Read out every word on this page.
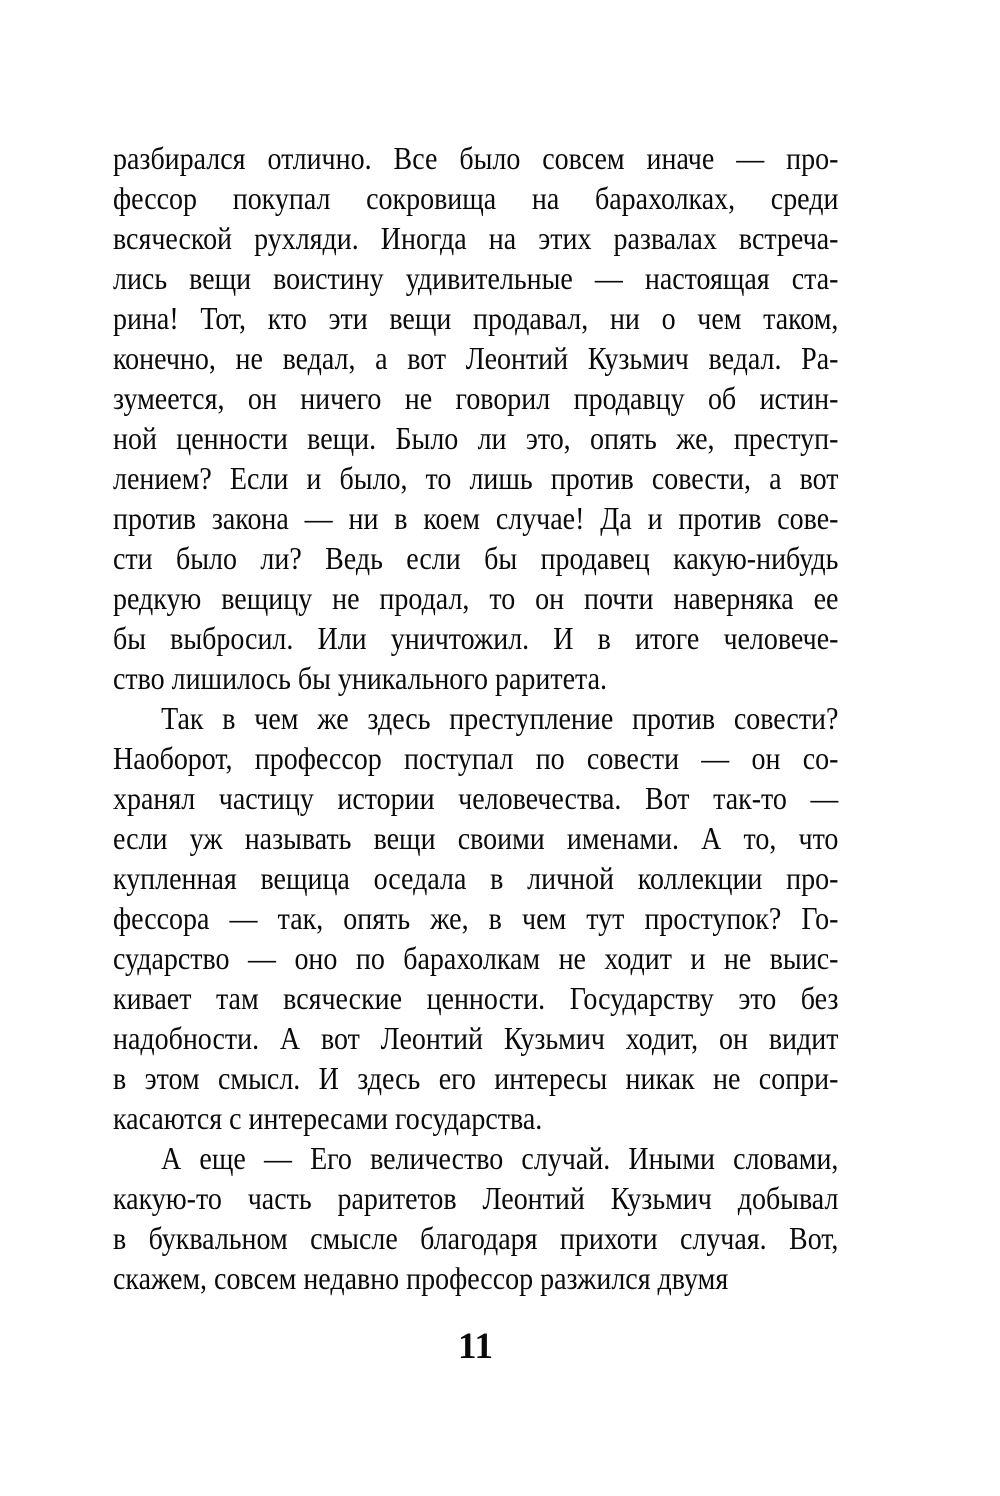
разбирался отлично. Все было совсем иначе — про-
фессор покупал сокровища на барахолках, среди
всяческой рухляди. Иногда на этих развалах встреча-
лись вещи воистину удивительные — настоящая ста-
рина! Тот, кто эти вещи продавал, ни о чем таком,
конечно, не ведал, а вот Леонтий Кузьмич ведал. Ра-
зумеется, он ничего не говорил продавцу об истин-
ной ценности вещи. Было ли это, опять же, преступ-
лением? Если и было, то лишь против совести, а вот
против закона — ни в коем случае! Да и против сове-
сти было ли? Ведь если бы продавец какую-нибудь
редкую вещицу не продал, то он почти наверняка ее
бы выбросил. Или уничтожил. И в итоге человече-
ство лишилось бы уникального раритета.
Так в чем же здесь преступление против совести?
Наоборот, профессор поступал по совести — он со-
хранял частицу истории человечества. Вот так-то —
если уж называть вещи своими именами. А то, что
купленная вещица оседала в личной коллекции про-
фессора — так, опять же, в чем тут проступок? Го-
сударство — оно по барахолкам не ходит и не выис-
кивает там всяческие ценности. Государству это без
надобности. А вот Леонтий Кузьмич ходит, он видит
в этом смысл. И здесь его интересы никак не сопри-
касаются с интересами государства.
А еще — Его величество случай. Иными словами,
какую-то часть раритетов Леонтий Кузьмич добывал
в буквальном смысле благодаря прихоти случая. Вот,
скажем, совсем недавно профессор разжился двумя
11
